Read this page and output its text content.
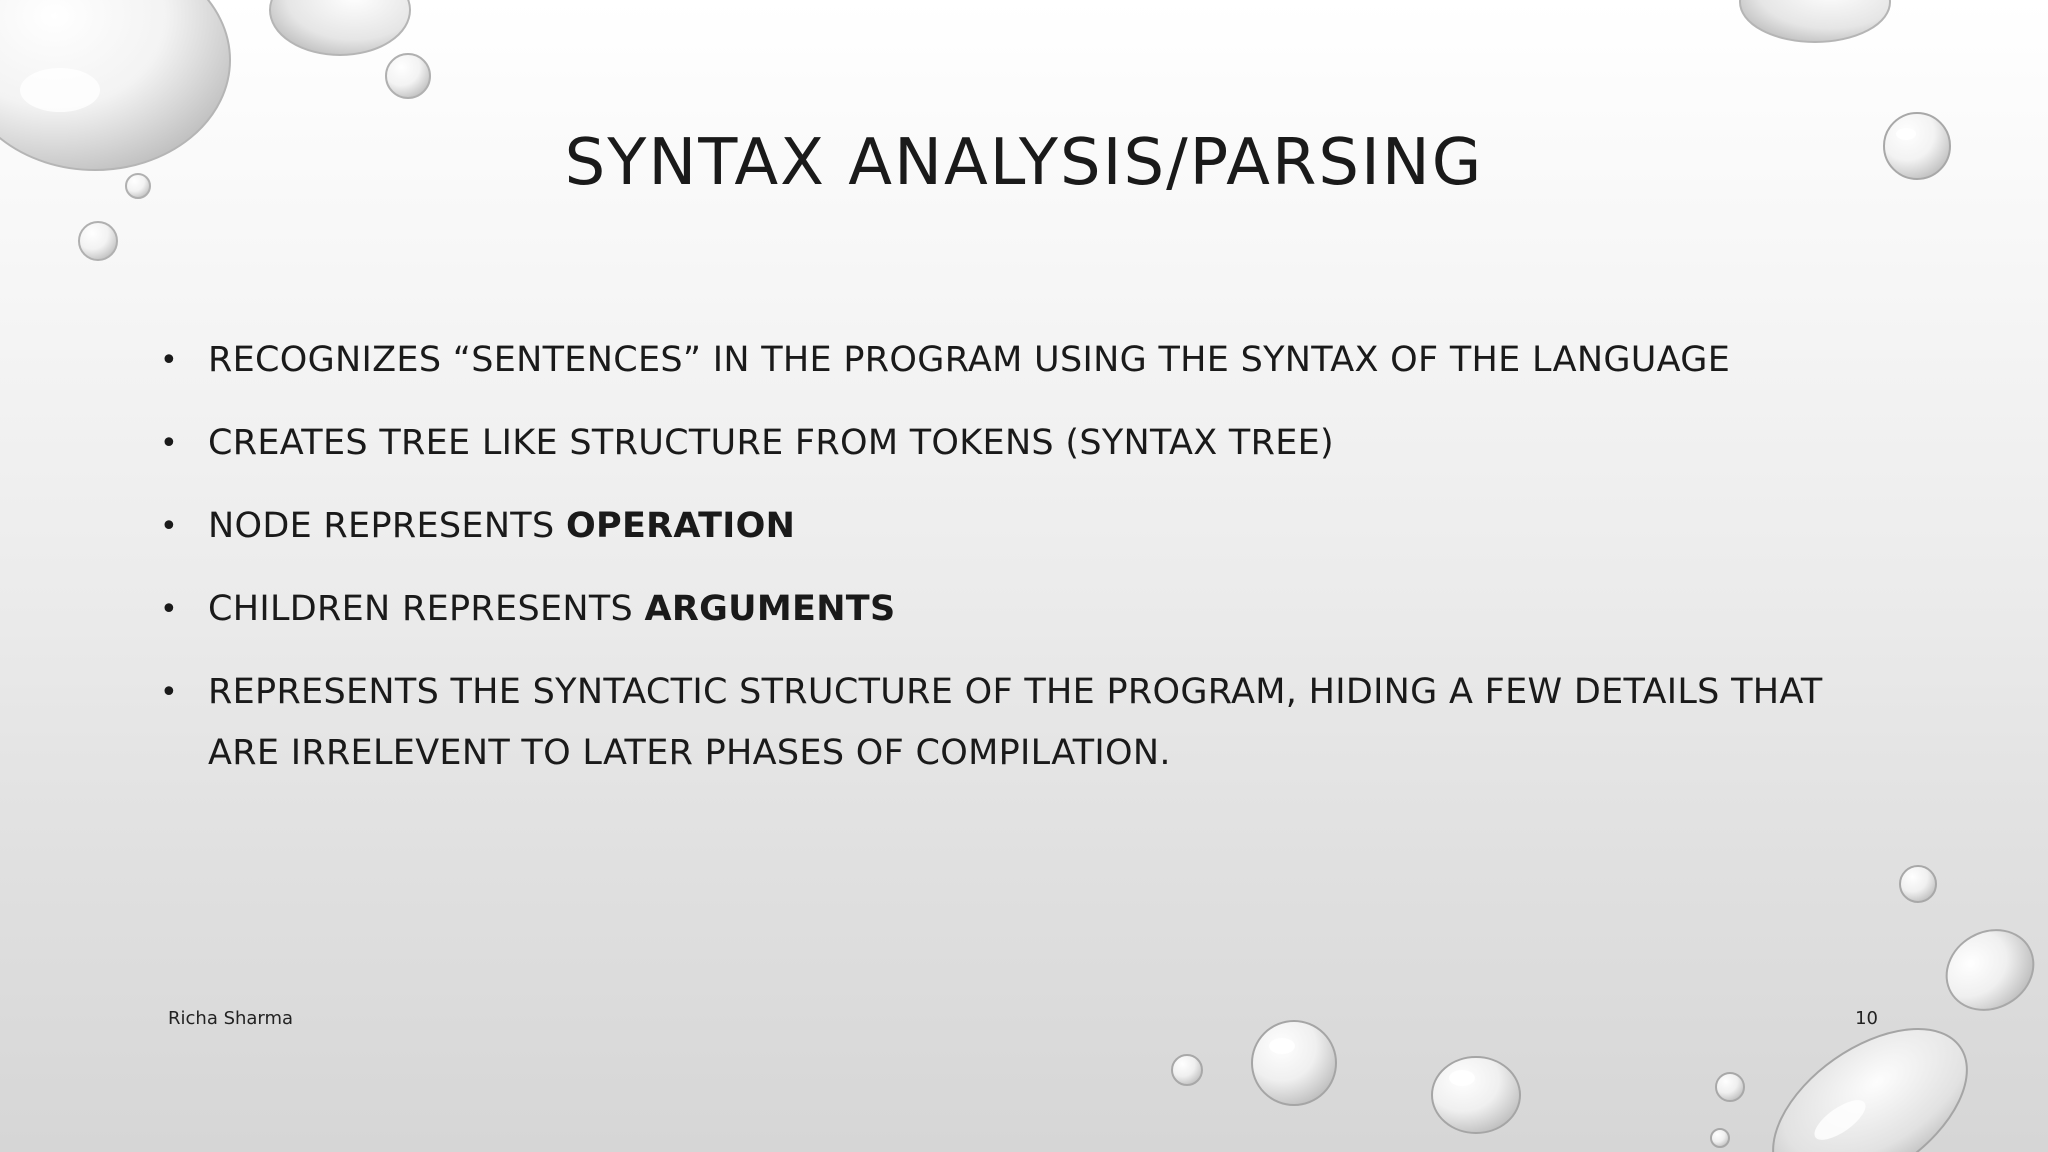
SYNTAX ANALYSIS/PARSING
• RECOGNIZES “SENTENCES” IN THE PROGRAM USING THE SYNTAX OF THE LANGUAGE
• CREATES TREE LIKE STRUCTURE FROM TOKENS (SYNTAX TREE)
• NODE REPRESENTS OPERATION
• CHILDREN REPRESENTS ARGUMENTS
• REPRESENTS THE SYNTACTIC STRUCTURE OF THE PROGRAM, HIDING A FEW DETAILS THAT ARE IRRELEVENT TO LATER PHASES OF COMPILATION.
Richa Sharma	10
